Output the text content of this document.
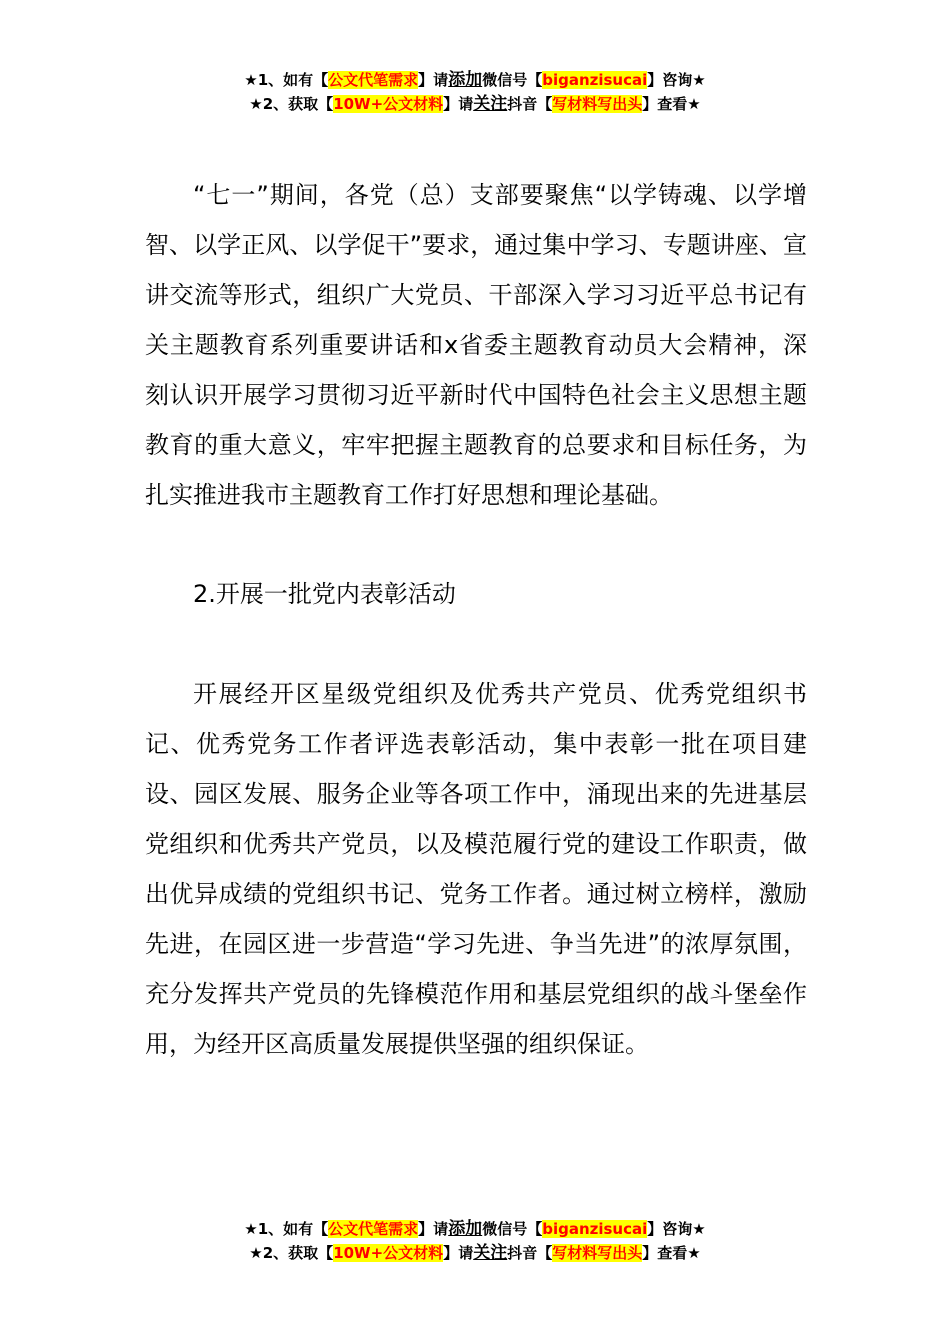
★1、如有【公文代笔需求】请添加微信号【biganzisucai】咨询★
★2、获取【10W+公文材料】请关注抖音【写材料写出头】查看★

“七一”期间，各党（总）支部要聚焦“以学铸魂、以学增智、以学正风、以学促干”要求，通过集中学习、专题讲座、宣讲交流等形式，组织广大党员、干部深入学习习近平总书记有关主题教育系列重要讲话和x省委主题教育动员大会精神，深刻认识开展学习贯彻习近平新时代中国特色社会主义思想主题教育的重大意义，牢牢把握主题教育的总要求和目标任务，为扎实推进我市主题教育工作打好思想和理论基础。

2.开展一批党内表彰活动

开展经开区星级党组织及优秀共产党员、优秀党组织书记、优秀党务工作者评选表彰活动，集中表彰一批在项目建设、园区发展、服务企业等各项工作中，涌现出来的先进基层党组织和优秀共产党员，以及模范履行党的建设工作职责，做出优异成绩的党组织书记、党务工作者。通过树立榜样，激励先进，在园区进一步营造“学习先进、争当先进”的浓厚氛围，充分发挥共产党员的先锋模范作用和基层党组织的战斗堡垒作用，为经开区高质量发展提供坚强的组织保证。

★1、如有【公文代笔需求】请添加微信号【biganzisucai】咨询★
★2、获取【10W+公文材料】请关注抖音【写材料写出头】查看★
